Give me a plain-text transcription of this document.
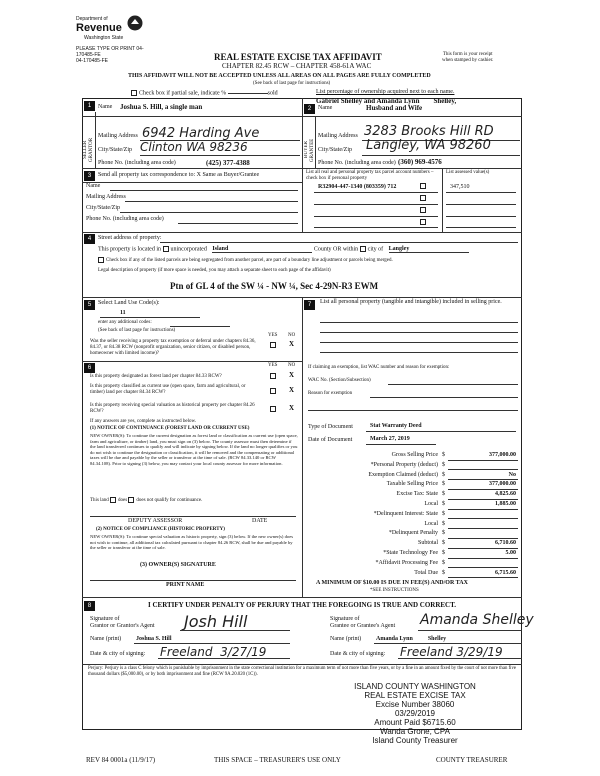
Department of
Revenue
Washington State
PLEASE TYPE OR PRINT 04-
170485-FE
04-170485-FE	REAL ESTATE EXCISE TAX AFFIDAVIT
CHAPTER 82.45 RCW – CHAPTER 458-61A WAC
This form is your receipt
when stamped by cashier.
THIS AFFIDAVIT WILL NOT BE ACCEPTED UNLESS ALL AREAS ON ALL PAGES ARE FULLY COMPLETED
(See back of last page for instructions)
Check box if partial sale, indicate %	sold	List percentage of ownership acquired next to each name.
1
SELLER
GRANTOR
Name Joshua S. Hill, a single man
Mailing Address 6942 Harding Ave
City/State/Zip Clinton WA 98236
Phone No. (including area code)	(425) 377-4388
Gabriel Shelley and Amanda Lynn        Shelley,
2	Name	Husband and Wife
BUYER
GRANTEE
Mailing Address 3283 Brooks Hill RD
City/State/Zip Langley, WA 98260
Phone No. (including area code) (360) 969-4576
3	Send all property tax correspondence to: X Same as Buyer/Grantee
Name
Mailing Address
City/State/Zip
Phone No. (including area code)
List all real and personal property tax parcel account numbers – check box if personal property
List assessed value(s)
R32904-447-1340 (803359) 712	347,510
4	Street address of property:
This property is located in unincorporated Island	County OR within city of Langley
Check box if any of the listed parcels are being segregated from another parcel, are part of a boundary line adjustment or parcels being merged.
Legal description of property (if more space is needed, you may attach a separate sheet to each page of the affidavit)
Ptn of GL 4 of the SW ¼ - NW ¼, Sec 4-29N-R3 EWM
5	Select Land Use Code(s):
11
enter any additional codes:
(See back of last page for instructions)
YES NO
Was the seller receiving a property tax exemption or deferral under chapters 84.36, 84.37, or 84.38 RCW (nonprofit organization, senior citizen, or disabled person, homeowner with limited income)?
X
6	YES NO
Is this property designated as forest land per chapter 84.33 RCW?	X
Is this property classified as current use (open space, farm and agricultural, or timber) land per chapter 84.34 RCW?	X
Is this property receiving special valuation as historical property per chapter 84.26 RCW?	X
If any answers are yes, complete as instructed below.
(1) NOTICE OF CONTINUANCE (FOREST LAND OR CURRENT USE)
NEW OWNER(S): To continue the current designation as forest land or classification as current use (open space, farm and agriculture, or timber) land, you must sign on (3) below. The county assessor must then determine if the land transferred continues to qualify and will indicate by signing below. If the land no longer qualifies or you do not wish to continue the designation or classification, it will be removed and the compensating or additional taxes will be due and payable by the seller or transferor at the time of sale. (RCW 84.33.140 or RCW 84.34.108). Prior to signing (3) below, you may contact your local county assessor for more information.
This land does does not qualify for continuance.
DEPUTY ASSESSOR	DATE
(2) NOTICE OF COMPLIANCE (HISTORIC PROPERTY)
NEW OWNER(S): To continue special valuation as historic property, sign (3) below. If the new owner(s) does not wish to continue, all additional tax calculated pursuant to chapter 84.26 RCW, shall be due and payable by the seller or transferor at the time of sale.
(3) OWNER(S) SIGNATURE
PRINT NAME
7	List all personal property (tangible and intangible) included in selling price.
If claiming an exemption, list WAC number and reason for exemption:
WAC No. (Section/Subsection)
Reason for exemption
Type of Document	Stat Warranty Deed
Date of Document	March 27, 2019
Gross Selling Price $	377,000.00
*Personal Property (deduct) $
Exemption Claimed (deduct) $	No
Taxable Selling Price $	377,000.00
Excise Tax: State $	4,825.60
Local $	1,885.00
*Delinquent Interest: State $
Local $
*Delinquent Penalty $
Subtotal $	6,710.60
*State Technology Fee $	5.00
*Affidavit Processing Fee $
Total Due $	6,715.60
A MINIMUM OF $10.00 IS DUE IN FEE(S) AND/OR TAX
*SEE INSTRUCTIONS
8	I CERTIFY UNDER PENALTY OF PERJURY THAT THE FOREGOING IS TRUE AND CORRECT.
Signature of
Grantor or Grantor's Agent Josh Hill	Signature of
Grantee or Grantee's Agent Amanda Shelley
Name (print) Joshua S. Hill	Name (print) Amanda Lynn          Shelley
Date & city of signing: Freeland  3/27/19	Date & city of signing: Freeland 3/29/19
Perjury: Perjury is a class C felony which is punishable by imprisonment in the state correctional institution for a maximum term of not more than five years, or by a fine in an amount fixed by the court of not more than five thousand dollars ($5,000.00), or by both imprisonment and fine (RCW 9A.20.020 (1C)).
ISLAND COUNTY WASHINGTON
REAL ESTATE EXCISE TAX
Excise Number 38060
03/29/2019
Amount Paid $6715.60
Wanda Grone, CPA
Island County Treasurer
REV 84 0001a (11/9/17)	THIS SPACE – TREASURER'S USE ONLY	COUNTY TREASURER
